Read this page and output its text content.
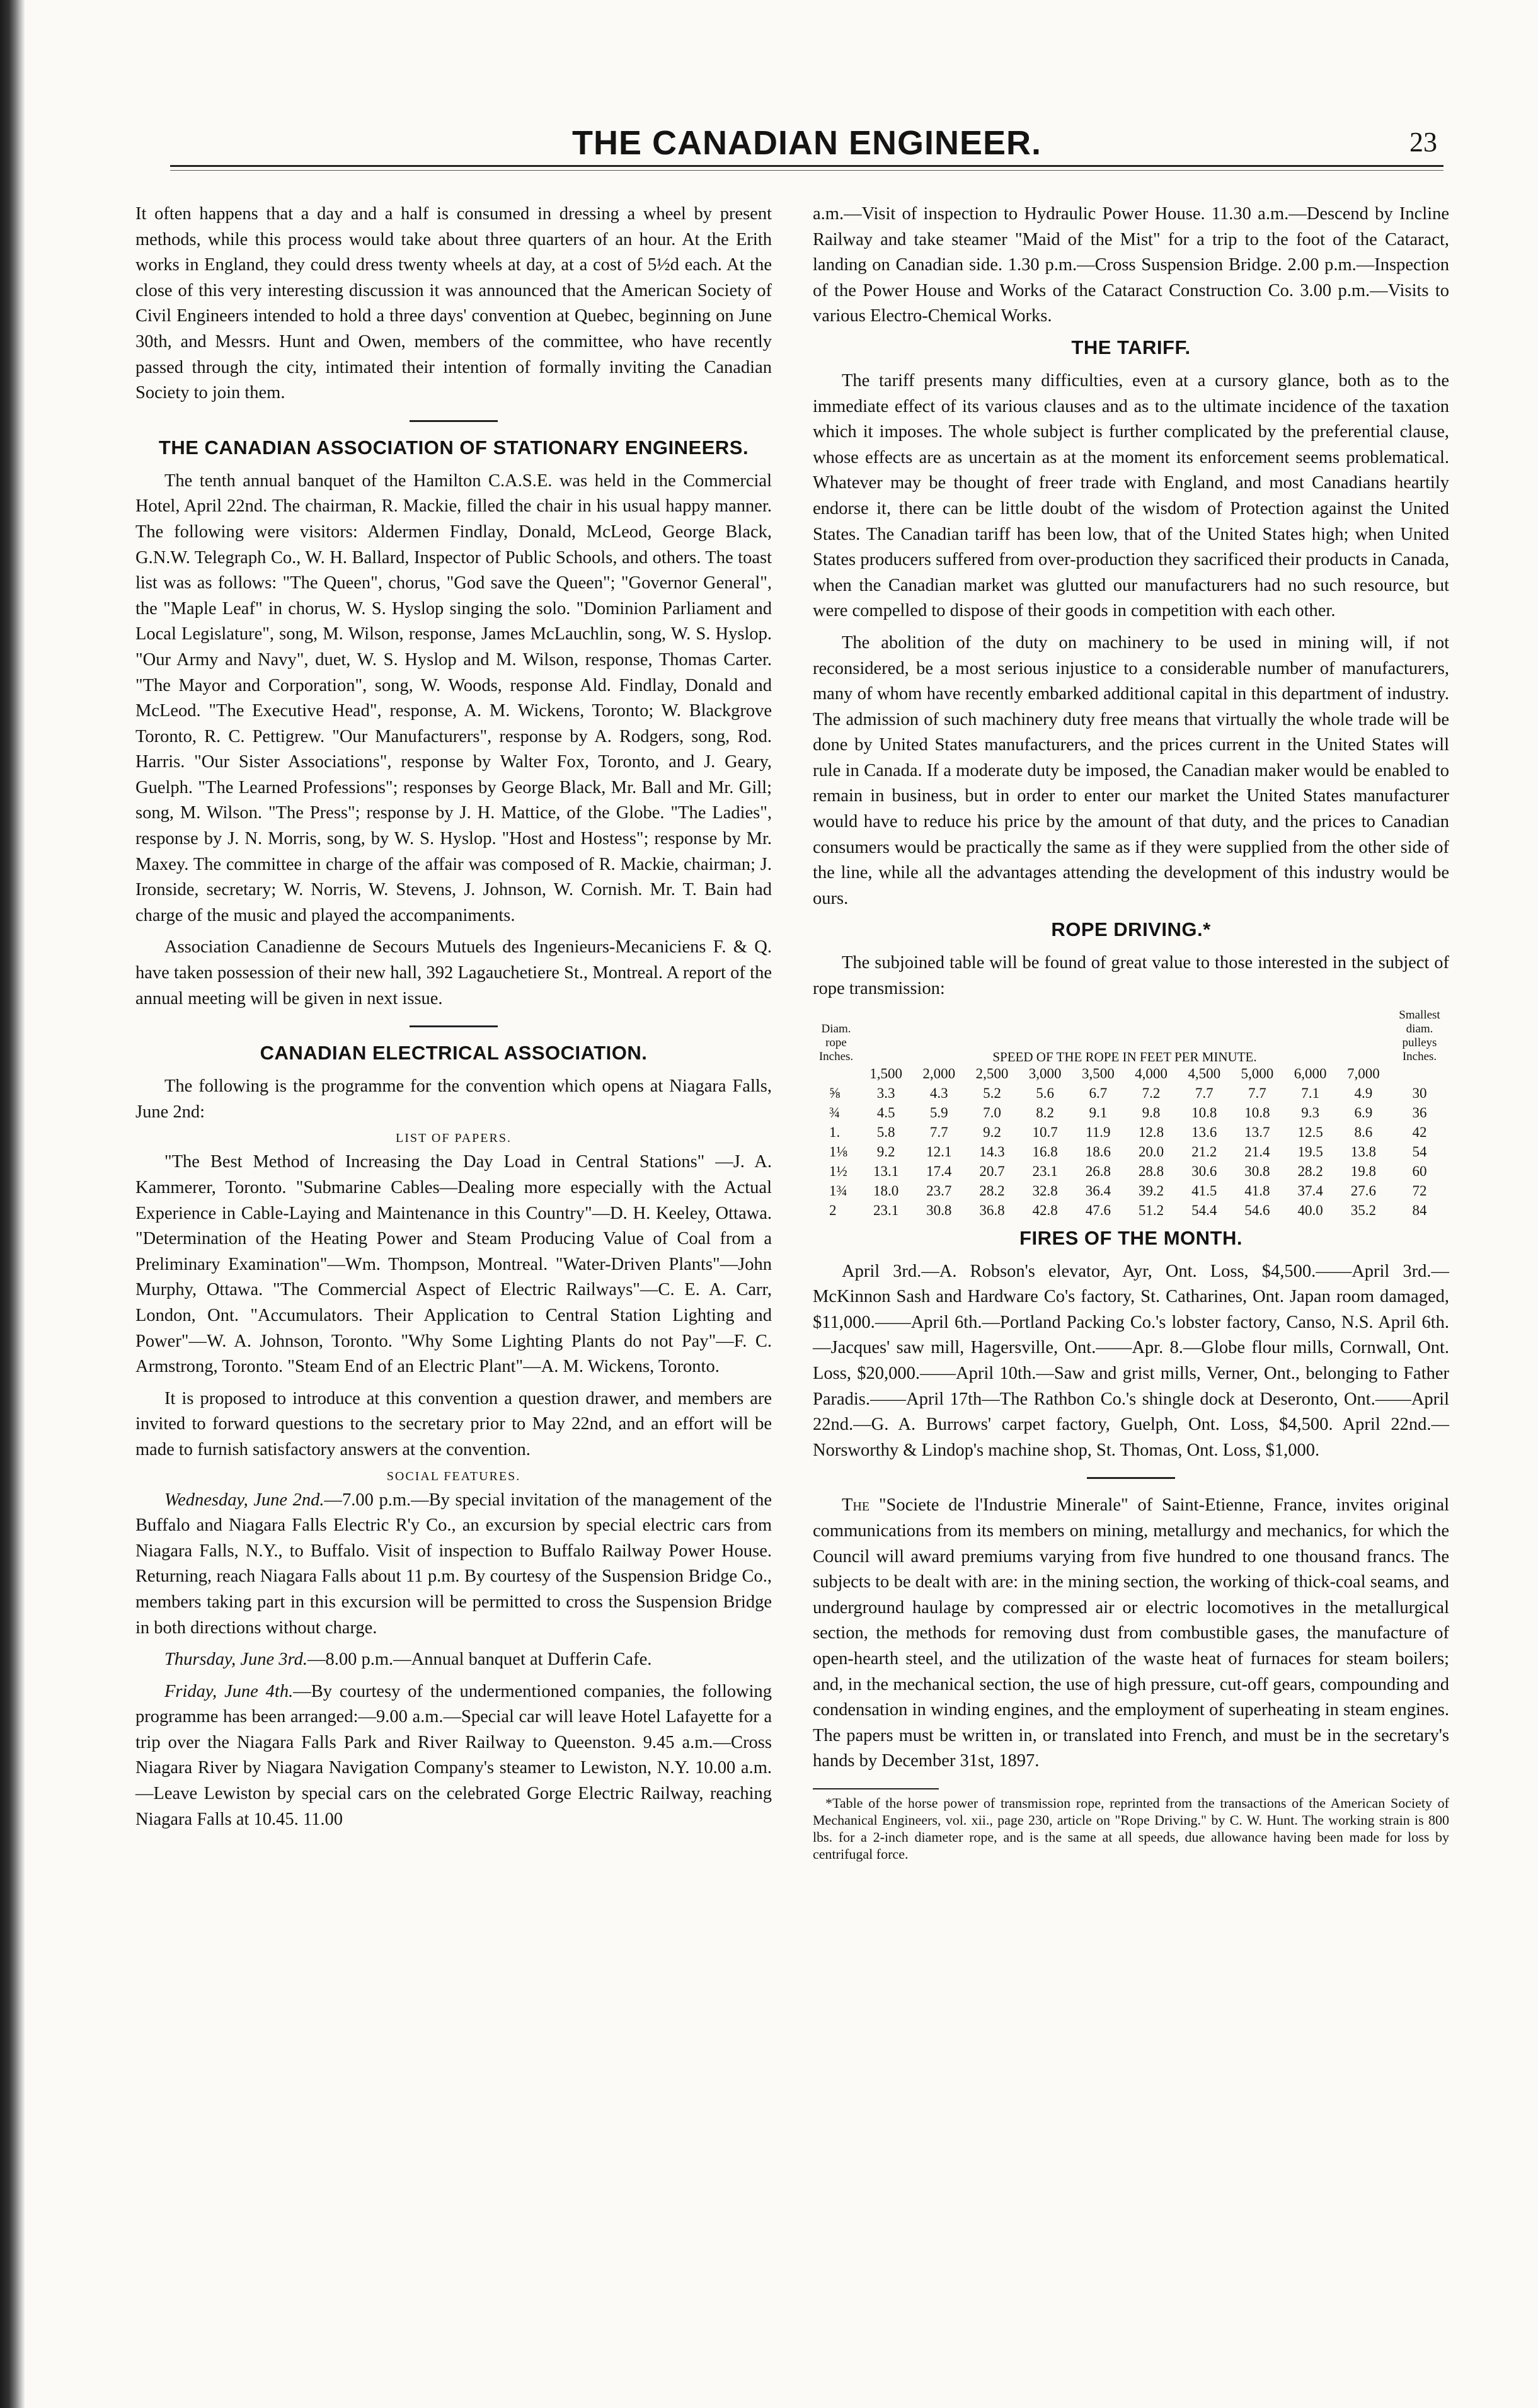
THE CANADIAN ENGINEER.	23

It often happens that a day and a half is consumed in dressing a wheel by present methods, while this process would take about three quarters of an hour. At the Erith works in England, they could dress twenty wheels at day, at a cost of 5½d each. At the close of this very interesting discussion it was announced that the American Society of Civil Engineers intended to hold a three days' convention at Quebec, beginning on June 30th, and Messrs. Hunt and Owen, members of the committee, who have recently passed through the city, intimated their intention of formally inviting the Canadian Society to join them.

THE CANADIAN ASSOCIATION OF STATIONARY ENGINEERS.

The tenth annual banquet of the Hamilton C.A.S.E. was held in the Commercial Hotel, April 22nd. The chairman, R. Mackie, filled the chair in his usual happy manner. The following were visitors: Aldermen Findlay, Donald, McLeod, George Black, G.N.W. Telegraph Co., W. H. Ballard, Inspector of Public Schools, and others. The toast list was as follows: "The Queen", chorus, "God save the Queen"; "Governor General", the "Maple Leaf" in chorus, W. S. Hyslop singing the solo. "Dominion Parliament and Local Legislature", song, M. Wilson, response, James McLauchlin, song, W. S. Hyslop. "Our Army and Navy", duet, W. S. Hyslop and M. Wilson, response, Thomas Carter. "The Mayor and Corporation", song, W. Woods, response Ald. Findlay, Donald and McLeod. "The Executive Head", response, A. M. Wickens, Toronto; W. Blackgrove Toronto, R. C. Pettigrew. "Our Manufacturers", response by A. Rodgers, song, Rod. Harris. "Our Sister Associations", response by Walter Fox, Toronto, and J. Geary, Guelph. "The Learned Professions"; responses by George Black, Mr. Ball and Mr. Gill; song, M. Wilson. "The Press"; response by J. H. Mattice, of the Globe. "The Ladies", response by J. N. Morris, song, by W. S. Hyslop. "Host and Hostess"; response by Mr. Maxey. The committee in charge of the affair was composed of R. Mackie, chairman; J. Ironside, secretary; W. Norris, W. Stevens, J. Johnson, W. Cornish. Mr. T. Bain had charge of the music and played the accompaniments.

Association Canadienne de Secours Mutuels des Ingenieurs-Mecaniciens F. & Q. have taken possession of their new hall, 392 Lagauchetiere St., Montreal. A report of the annual meeting will be given in next issue.

CANADIAN ELECTRICAL ASSOCIATION.

The following is the programme for the convention which opens at Niagara Falls, June 2nd:

LIST OF PAPERS.

"The Best Method of Increasing the Day Load in Central Stations" —J. A. Kammerer, Toronto. "Submarine Cables—Dealing more especially with the Actual Experience in Cable-Laying and Maintenance in this Country"—D. H. Keeley, Ottawa. "Determination of the Heating Power and Steam Producing Value of Coal from a Preliminary Examination"—Wm. Thompson, Montreal. "Water-Driven Plants"—John Murphy, Ottawa. "The Commercial Aspect of Electric Railways"—C. E. A. Carr, London, Ont. "Accumulators. Their Application to Central Station Lighting and Power"—W. A. Johnson, Toronto. "Why Some Lighting Plants do not Pay"—F. C. Armstrong, Toronto. "Steam End of an Electric Plant"—A. M. Wickens, Toronto.

It is proposed to introduce at this convention a question drawer, and members are invited to forward questions to the secretary prior to May 22nd, and an effort will be made to furnish satisfactory answers at the convention.

SOCIAL FEATURES.

Wednesday, June 2nd.—7.00 p.m.—By special invitation of the management of the Buffalo and Niagara Falls Electric R'y Co., an excursion by special electric cars from Niagara Falls, N.Y., to Buffalo. Visit of inspection to Buffalo Railway Power House. Returning, reach Niagara Falls about 11 p.m. By courtesy of the Suspension Bridge Co., members taking part in this excursion will be permitted to cross the Suspension Bridge in both directions without charge.

Thursday, June 3rd.—8.00 p.m.—Annual banquet at Dufferin Cafe.

Friday, June 4th.—By courtesy of the undermentioned companies, the following programme has been arranged:—9.00 a.m.—Special car will leave Hotel Lafayette for a trip over the Niagara Falls Park and River Railway to Queenston. 9.45 a.m.—Cross Niagara River by Niagara Navigation Company's steamer to Lewiston, N.Y. 10.00 a.m.—Leave Lewiston by special cars on the celebrated Gorge Electric Railway, reaching Niagara Falls at 10.45. 11.00

a.m.—Visit of inspection to Hydraulic Power House. 11.30 a.m.—Descend by Incline Railway and take steamer "Maid of the Mist" for a trip to the foot of the Cataract, landing on Canadian side. 1.30 p.m.—Cross Suspension Bridge. 2.00 p.m.—Inspection of the Power House and Works of the Cataract Construction Co. 3.00 p.m.—Visits to various Electro-Chemical Works.

THE TARIFF.

The tariff presents many difficulties, even at a cursory glance, both as to the immediate effect of its various clauses and as to the ultimate incidence of the taxation which it imposes. The whole subject is further complicated by the preferential clause, whose effects are as uncertain as at the moment its enforcement seems problematical. Whatever may be thought of freer trade with England, and most Canadians heartily endorse it, there can be little doubt of the wisdom of Protection against the United States. The Canadian tariff has been low, that of the United States high; when United States producers suffered from over-production they sacrificed their products in Canada, when the Canadian market was glutted our manufacturers had no such resource, but were compelled to dispose of their goods in competition with each other.

The abolition of the duty on machinery to be used in mining will, if not reconsidered, be a most serious injustice to a considerable number of manufacturers, many of whom have recently embarked additional capital in this department of industry. The admission of such machinery duty free means that virtually the whole trade will be done by United States manufacturers, and the prices current in the United States will rule in Canada. If a moderate duty be imposed, the Canadian maker would be enabled to remain in business, but in order to enter our market the United States manufacturer would have to reduce his price by the amount of that duty, and the prices to Canadian consumers would be practically the same as if they were supplied from the other side of the line, while all the advantages attending the development of this industry would be ours.

ROPE DRIVING.*

The subjoined table will be found of great value to those interested in the subject of rope transmission:

Diam. rope Inches.	SPEED OF THE ROPE IN FEET PER MINUTE.										Smallest diam. pulleys Inches.
	1,500	2,000	2,500	3,000	3,500	4,000	4,500	5,000	6,000	7,000	
⅝	3.3	4.3	5.2	5.6	6.7	7.2	7.7	7.7	7.1	4.9	30
¾	4.5	5.9	7.0	8.2	9.1	9.8	10.8	10.8	9.3	6.9	36
1.	5.8	7.7	9.2	10.7	11.9	12.8	13.6	13.7	12.5	8.6	42
1⅛	9.2	12.1	14.3	16.8	18.6	20.0	21.2	21.4	19.5	13.8	54
1½	13.1	17.4	20.7	23.1	26.8	28.8	30.6	30.8	28.2	19.8	60
1¾	18.0	23.7	28.2	32.8	36.4	39.2	41.5	41.8	37.4	27.6	72
2	23.1	30.8	36.8	42.8	47.6	51.2	54.4	54.6	40.0	35.2	84
FIRES OF THE MONTH.

April 3rd.—A. Robson's elevator, Ayr, Ont. Loss, $4,500.——April 3rd.—McKinnon Sash and Hardware Co's factory, St. Catharines, Ont. Japan room damaged, $11,000.——April 6th.—Portland Packing Co.'s lobster factory, Canso, N.S. April 6th.—Jacques' saw mill, Hagersville, Ont.——Apr. 8.—Globe flour mills, Cornwall, Ont. Loss, $20,000.——April 10th.—Saw and grist mills, Verner, Ont., belonging to Father Paradis.——April 17th—The Rathbon Co.'s shingle dock at Deseronto, Ont.——April 22nd.—G. A. Burrows' carpet factory, Guelph, Ont. Loss, $4,500. April 22nd.—Norsworthy & Lindop's machine shop, St. Thomas, Ont. Loss, $1,000.

The "Societe de l'Industrie Minerale" of Saint-Etienne, France, invites original communications from its members on mining, metallurgy and mechanics, for which the Council will award premiums varying from five hundred to one thousand francs. The subjects to be dealt with are: in the mining section, the working of thick-coal seams, and underground haulage by compressed air or electric locomotives in the metallurgical section, the methods for removing dust from combustible gases, the manufacture of open-hearth steel, and the utilization of the waste heat of furnaces for steam boilers; and, in the mechanical section, the use of high pressure, cut-off gears, compounding and condensation in winding engines, and the employment of superheating in steam engines. The papers must be written in, or translated into French, and must be in the secretary's hands by December 31st, 1897.

*Table of the horse power of transmission rope, reprinted from the transactions of the American Society of Mechanical Engineers, vol. xii., page 230, article on "Rope Driving." by C. W. Hunt. The working strain is 800 lbs. for a 2-inch diameter rope, and is the same at all speeds, due allowance having been made for loss by centrifugal force.
